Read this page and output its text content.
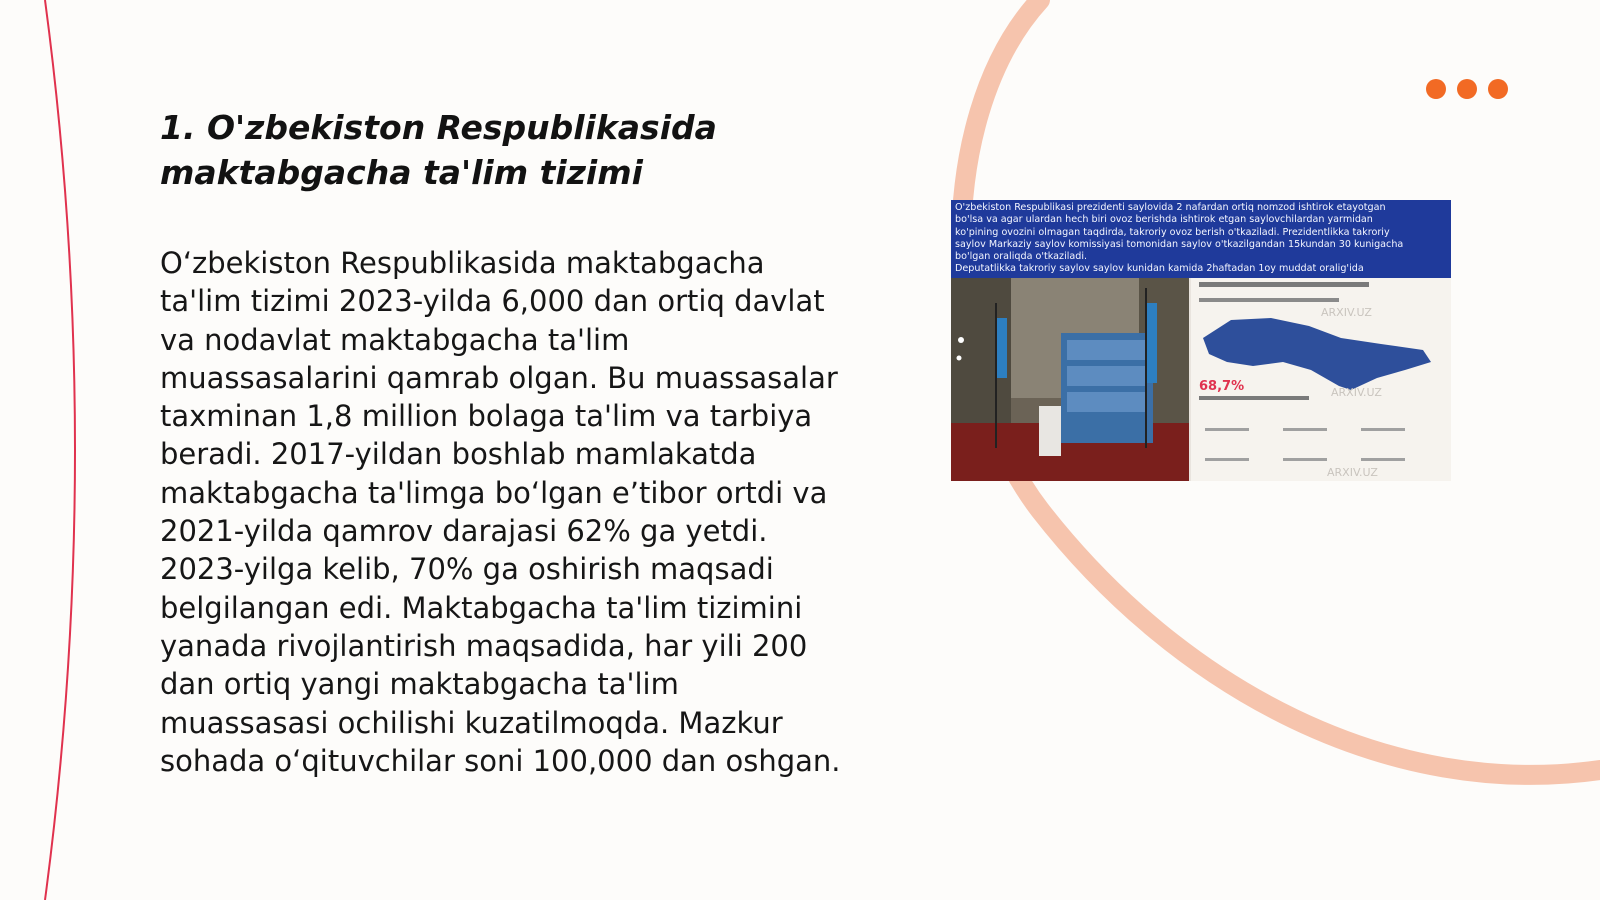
1. O'zbekiston Respublikasida maktabgacha ta'lim tizimi

O‘zbekiston Respublikasida maktabgacha ta'lim tizimi 2023-yilda 6,000 dan ortiq davlat va nodavlat maktabgacha ta'lim muassasalarini qamrab olgan. Bu muassasalar taxminan 1,8 million bolaga ta'lim va tarbiya beradi. 2017-yildan boshlab mamlakatda maktabgacha ta'limga bo‘lgan e’tibor ortdi va 2021-yilda qamrov darajasi 62% ga yetdi. 2023-yilga kelib, 70% ga oshirish maqsadi belgilangan edi. Maktabgacha ta'lim tizimini yanada rivojlantirish maqsadida, har yili 200 dan ortiq yangi maktabgacha ta'lim muassasasi ochilishi kuzatilmoqda. Mazkur sohada o‘qituvchilar soni 100,000 dan oshgan.

O'zbekiston Respublikasi prezidenti saylovida 2 nafardan ortiq nomzod ishtirok etayotgan

bo'lsa va agar ulardan hech biri ovoz berishda ishtirok etgan saylovchilardan yarmidan

ko'pining ovozini olmagan taqdirda, takroriy ovoz berish o'tkaziladi. Prezidentlikka takroriy

saylov Markaziy saylov komissiyasi tomonidan saylov o'tkazilgandan 15kundan 30 kunigacha

bo'lgan oraliqda o'tkaziladi.

Deputatlikka takroriy saylov saylov kunidan kamida 2haftadan 1oy muddat oralig'ida

68,7%
ARXIV.UZ
ARXIV.UZ
ARXIV.UZ
